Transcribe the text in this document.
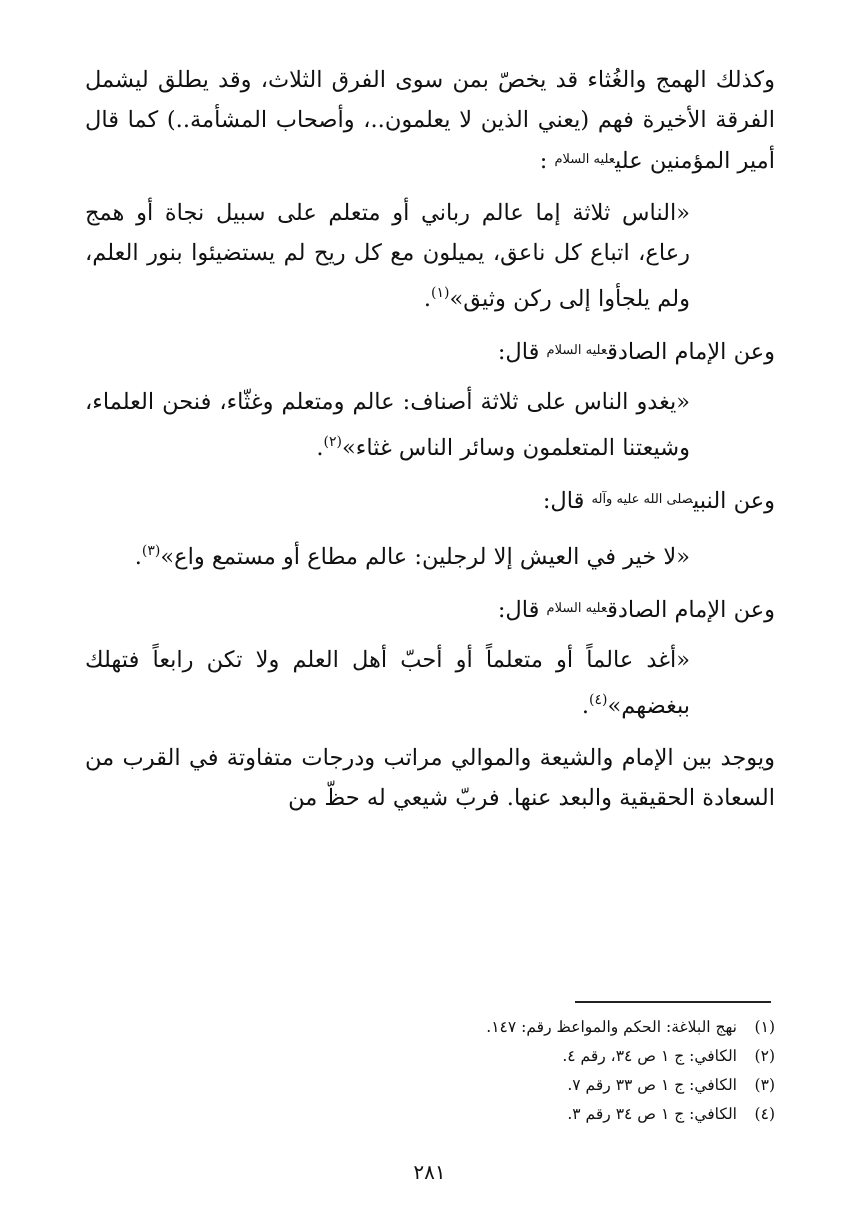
وكذلك الهمج والغُثاء قد يخصّ بمن سوى الفرق الثلاث، وقد يطلق ليشمل الفرقة الأخيرة فهم (يعني الذين لا يعلمون..، وأصحاب المشأمة..) كما قال أمير المؤمنين علي$^{عليه السلام}$ :

«الناس ثلاثة إما عالم رباني أو متعلم على سبيل نجاة أو همج رعاع، اتباع كل ناعق، يميلون مع كل ريح لم يستضيئوا بنور العلم، ولم يلجأوا إلى ركن وثيق»$^{(١)}$.

وعن الإمام الصادق$^{عليه السلام}$ قال:

«يغدو الناس على ثلاثة أصناف: عالم ومتعلم وغثّاء، فنحن العلماء، وشيعتنا المتعلمون وسائر الناس غثاء»$^{(٢)}$.

وعن النبي$^{صلى الله عليه وآله}$ قال:

«لا خير في العيش إلا لرجلين: عالم مطاع أو مستمع واع»$^{(٣)}$.

وعن الإمام الصادق$^{عليه السلام}$ قال:

«أغد عالماً أو متعلماً أو أحبّ أهل العلم ولا تكن رابعاً فتهلك ببغضهم»$^{(٤)}$.

ويوجد بين الإمام والشيعة والموالي مراتب ودرجات متفاوتة في القرب من السعادة الحقيقية والبعد عنها. فربّ شيعي له حظّ من

(١)نهج البلاغة: الحكم والمواعظ رقم: ١٤٧.
(٢)الكافي: ج ١ ص ٣٤، رقم ٤.
(٣)الكافي: ج ١ ص ٣٣ رقم ٧.
(٤)الكافي: ج ١ ص ٣٤ رقم ٣.
٢٨١
